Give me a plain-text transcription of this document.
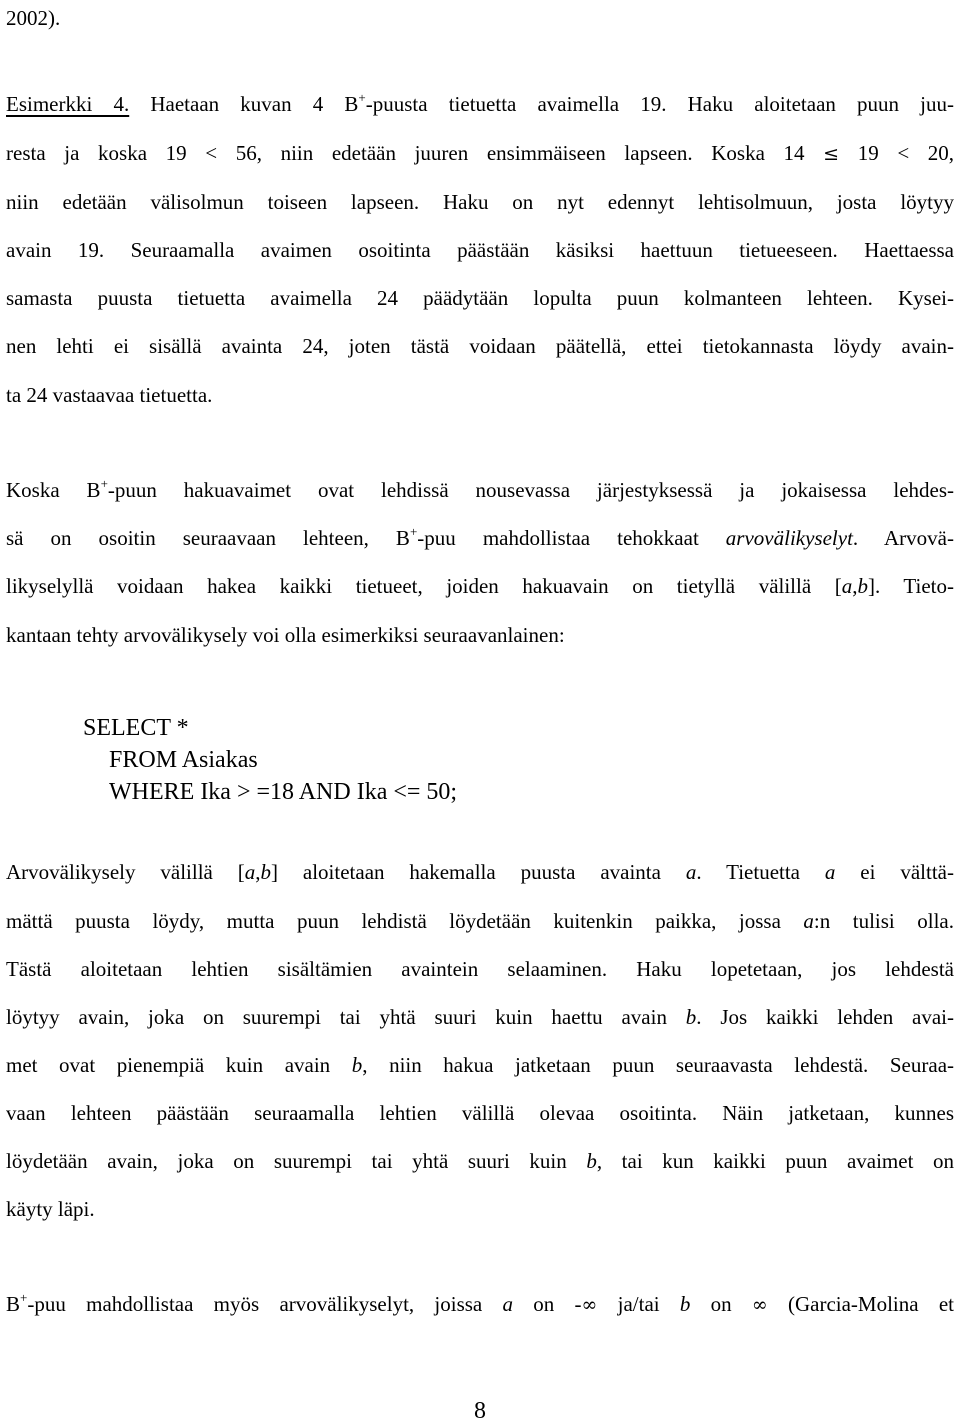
2002).
Esimerkki 4. Haetaan kuvan 4 B+-puusta tietuetta avaimella 19. Haku aloitetaan puun juu-
resta ja koska 19 < 56, niin edetään juuren ensimmäiseen lapseen. Koska 14 ≤ 19 < 20,
niin edetään välisolmun toiseen lapseen. Haku on nyt edennyt lehtisolmuun, josta löytyy
avain 19. Seuraamalla avaimen osoitinta päästään käsiksi haettuun tietueeseen. Haettaessa
samasta puusta tietuetta avaimella 24 päädytään lopulta puun kolmanteen lehteen. Kysei-
nen lehti ei sisällä avainta 24, joten tästä voidaan päätellä, ettei tietokannasta löydy avain-
ta 24 vastaavaa tietuetta.
Koska B+-puun hakuavaimet ovat lehdissä nousevassa järjestyksessä ja jokaisessa lehdes-
sä on osoitin seuraavaan lehteen, B+-puu mahdollistaa tehokkaat arvovälikyselyt. Arvovä-
likyselyllä voidaan hakea kaikki tietueet, joiden hakuavain on tietyllä välillä [a,b]. Tieto-
kantaan tehty arvovälikysely voi olla esimerkiksi seuraavanlainen:
SELECT *
FROM Asiakas
WHERE Ika > =18 AND Ika <= 50;
Arvovälikysely välillä [a,b] aloitetaan hakemalla puusta avainta a. Tietuetta a ei välttä-
mättä puusta löydy, mutta puun lehdistä löydetään kuitenkin paikka, jossa a:n tulisi olla.
Tästä aloitetaan lehtien sisältämien avaintein selaaminen. Haku lopetetaan, jos lehdestä
löytyy avain, joka on suurempi tai yhtä suuri kuin haettu avain b. Jos kaikki lehden avai-
met ovat pienempiä kuin avain b, niin hakua jatketaan puun seuraavasta lehdestä. Seuraa-
vaan lehteen päästään seuraamalla lehtien välillä olevaa osoitinta. Näin jatketaan, kunnes
löydetään avain, joka on suurempi tai yhtä suuri kuin b, tai kun kaikki puun avaimet on
käyty läpi.
B+-puu mahdollistaa myös arvovälikyselyt, joissa a on -∞ ja/tai b on ∞ (Garcia-Molina et
8
